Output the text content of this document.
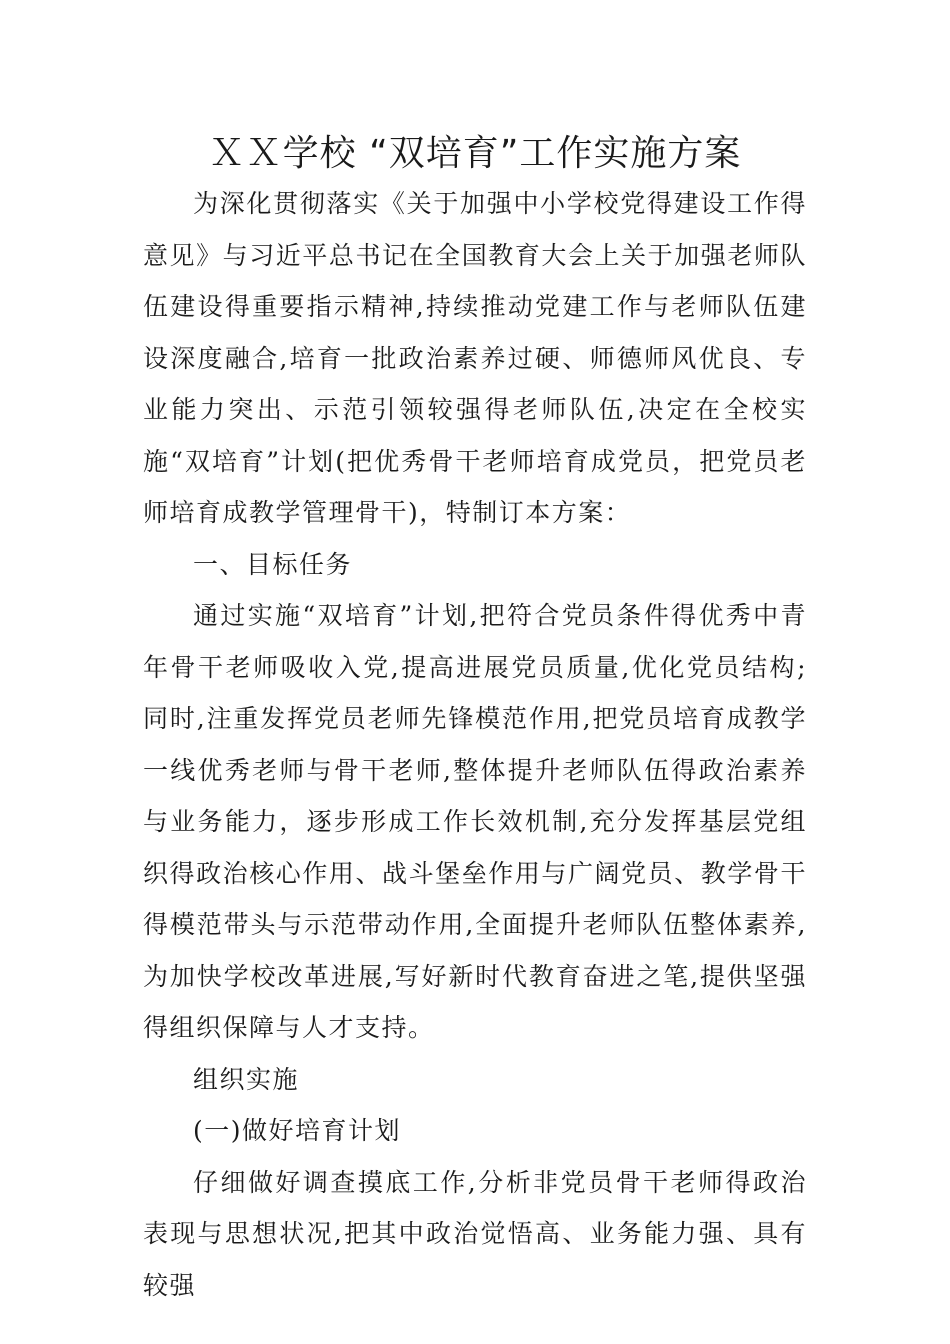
ＸＸ学校 “双培育”工作实施方案

为深化贯彻落实《关于加强中小学校党得建设工作得意见》与习近平总书记在全国教育大会上关于加强老师队伍建设得重要指示精神,持续推动党建工作与老师队伍建设深度融合,培育一批政治素养过硬、师德师风优良、专业能力突出、示范引领较强得老师队伍,决定在全校实施“双培育”计划(把优秀骨干老师培育成党员，把党员老师培育成教学管理骨干)，特制订本方案：

一、目标任务

通过实施“双培育”计划,把符合党员条件得优秀中青年骨干老师吸收入党,提高进展党员质量,优化党员结构;同时,注重发挥党员老师先锋模范作用,把党员培育成教学一线优秀老师与骨干老师,整体提升老师队伍得政治素养与业务能力，逐步形成工作长效机制,充分发挥基层党组织得政治核心作用、战斗堡垒作用与广阔党员、教学骨干得模范带头与示范带动作用,全面提升老师队伍整体素养,为加快学校改革进展,写好新时代教育奋进之笔,提供坚强得组织保障与人才支持。

组织实施

(一)做好培育计划

仔细做好调查摸底工作,分析非党员骨干老师得政治表现与思想状况,把其中政治觉悟高、业务能力强、具有较强
